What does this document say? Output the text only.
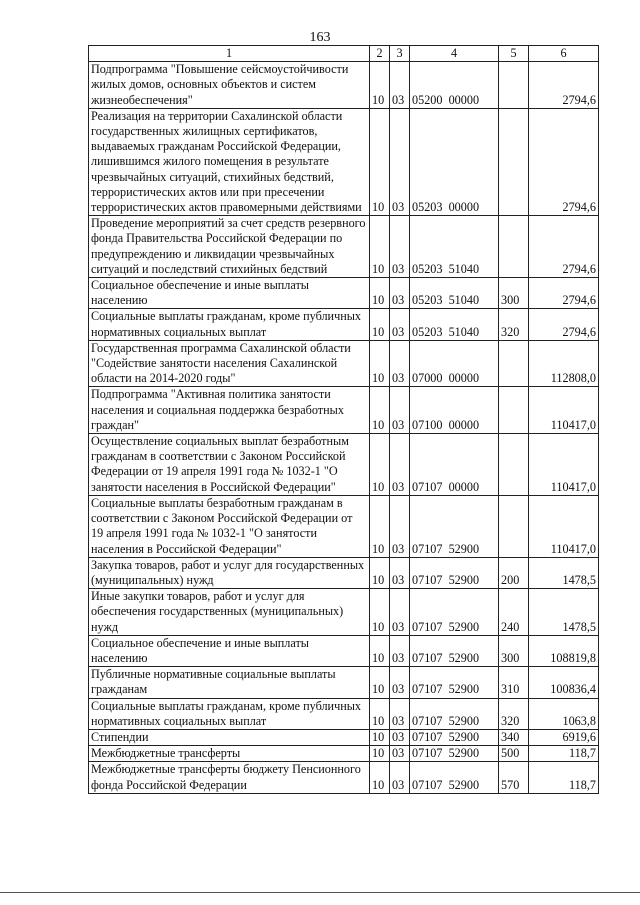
163
1	2	3	4	5	6
Подпрограмма "Повышение сейсмоустойчивости жилых домов, основных объектов и систем жизнеобеспечения"	10	03	05200  00000		2794,6
Реализация на территории Сахалинской области государственных жилищных сертификатов, выдаваемых гражданам Российской Федерации, лишившимся жилого помещения в результате чрезвычайных ситуаций, стихийных бедствий, террористических актов или при пресечении террористических актов правомерными действиями	10	03	05203  00000		2794,6
Проведение мероприятий за счет средств резервного фонда Правительства Российской Федерации по предупреждению и ликвидации чрезвычайных ситуаций и последствий стихийных бедствий	10	03	05203  51040		2794,6
Социальное обеспечение и иные выплаты населению	10	03	05203  51040	300	2794,6
Социальные выплаты гражданам, кроме публичных нормативных социальных выплат	10	03	05203  51040	320	2794,6
Государственная программа Сахалинской области "Содействие занятости населения Сахалинской области на 2014-2020 годы"	10	03	07000  00000		112808,0
Подпрограмма "Активная политика занятости населения и социальная поддержка безработных граждан"	10	03	07100  00000		110417,0
Осуществление социальных выплат безработным гражданам в соответствии с Законом Российской Федерации от 19 апреля 1991 года № 1032-1 "О занятости населения в Российской Федерации"	10	03	07107  00000		110417,0
Социальные выплаты безработным гражданам в соответствии с Законом Российской Федерации от 19 апреля 1991 года № 1032-1 "О занятости населения в Российской Федерации"	10	03	07107  52900		110417,0
Закупка товаров, работ и услуг для государственных (муниципальных) нужд	10	03	07107  52900	200	1478,5
Иные закупки товаров, работ и услуг для обеспечения государственных (муниципальных) нужд	10	03	07107  52900	240	1478,5
Социальное обеспечение и иные выплаты населению	10	03	07107  52900	300	108819,8
Публичные нормативные социальные выплаты гражданам	10	03	07107  52900	310	100836,4
Социальные выплаты гражданам, кроме публичных нормативных социальных выплат	10	03	07107  52900	320	1063,8
Стипендии	10	03	07107  52900	340	6919,6
Межбюджетные трансферты	10	03	07107  52900	500	118,7
Межбюджетные трансферты бюджету Пенсионного фонда Российской Федерации	10	03	07107  52900	570	118,7
